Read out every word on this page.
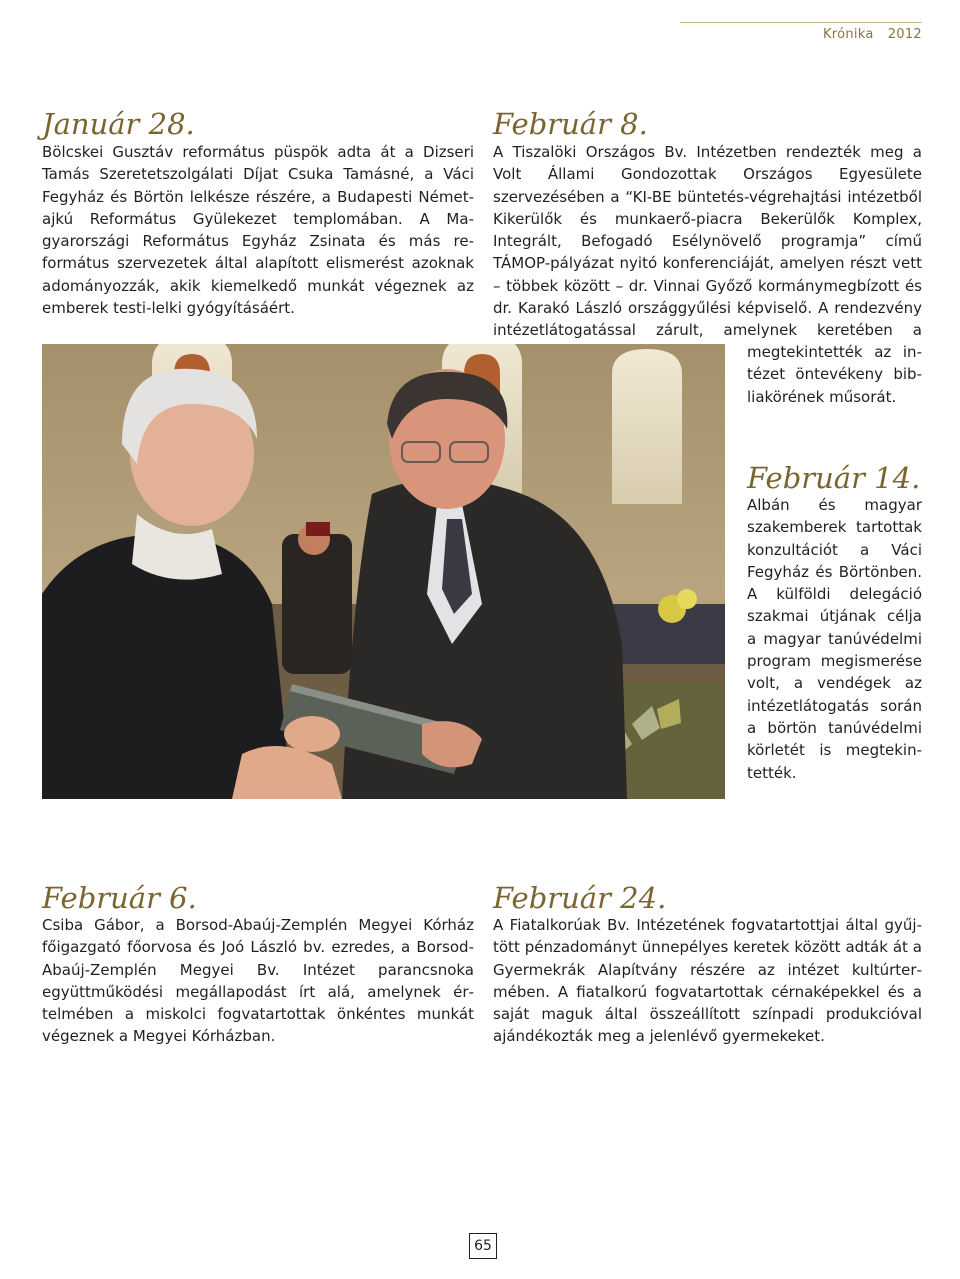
Krónika 2012
Január 28.
Bölcskei Gusztáv református püspök adta át a Dizseri Tamás Szeretetszolgálati Díjat Csuka Tamásné, a Váci Fegyház és Börtön lelkésze részére, a Budapesti Németajkú Református Gyülekezet templomában. A Magyarországi Református Egyház Zsinata és más református szervezetek által alapított elismerést azoknak adományozzák, akik kiemelkedő munkát végeznek az emberek testi-lelki gyógyításáért.
Február 8.
A Tiszalöki Országos Bv. Intézetben rendezték meg a Volt Állami Gondozottak Országos Egyesülete szervezésében a “KI-BE büntetés-végrehajtási intézetből Kikerülők és munkaerő-piacra Bekerülők Komplex, Integrált, Befogadó Esélynövelő programja” című TÁMOP-pályázat nyitó konferenciáját, amelyen részt vett – többek között – dr. Vinnai Győző kormánymegbízott és dr. Karakó László országgyűlési képviselő. A rendezvény intézetlátogatással zárult, amelynek keretében a
megtekintették az intézet öntevékeny bibliakörének műsorát.
Február 14.
Albán és magyar szakemberek tartottak konzultációt a Váci Fegyház és Börtönben. A külföldi delegáció szakmai útjának célja a magyar tanúvédelmi program megismerése volt, a vendégek az intézetlátogatás során a börtön tanúvédelmi körletét is megtekintették.
Február 6.
Csiba Gábor, a Borsod-Abaúj-Zemplén Megyei Kórház főigazgató főorvosa és Joó László bv. ezredes, a Borsod-Abaúj-Zemplén Megyei Bv. Intézet parancsnoka együttműködési megállapodást írt alá, amelynek értelmében a miskolci fogvatartottak önkéntes munkát végeznek a Megyei Kórházban.
Február 24.
A Fiatalkorúak Bv. Intézetének fogvatartottjai által gyűjtött pénzadományt ünnepélyes keretek között adták át a Gyermekrák Alapítvány részére az intézet kultúrtermében. A fiatalkorú fogvatartottak cérnaképekkel és a saját maguk által összeállított színpadi produkcióval ajándékozták meg a jelenlévő gyermekeket.
65
